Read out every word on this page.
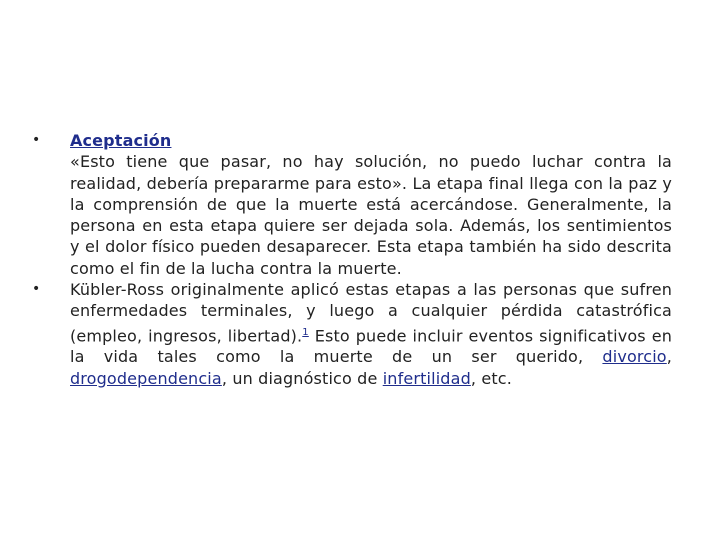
• Aceptación
«Esto tiene que pasar, no hay solución, no puedo luchar contra la realidad, debería prepararme para esto». La etapa final llega con la paz y la comprensión de que la muerte está acercándose. Generalmente, la persona en esta etapa quiere ser dejada sola. Además, los sentimientos y el dolor físico pueden desaparecer. Esta etapa también ha sido descrita como el fin de la lucha contra la muerte.
• Kübler-Ross originalmente aplicó estas etapas a las personas que sufren enfermedades terminales, y luego a cualquier pérdida catastrófica (empleo, ingresos, libertad).$^1$ Esto puede incluir eventos significativos en la vida tales como la muerte de un ser querido, divorcio, drogodependencia, un diagnóstico de infertilidad, etc.
